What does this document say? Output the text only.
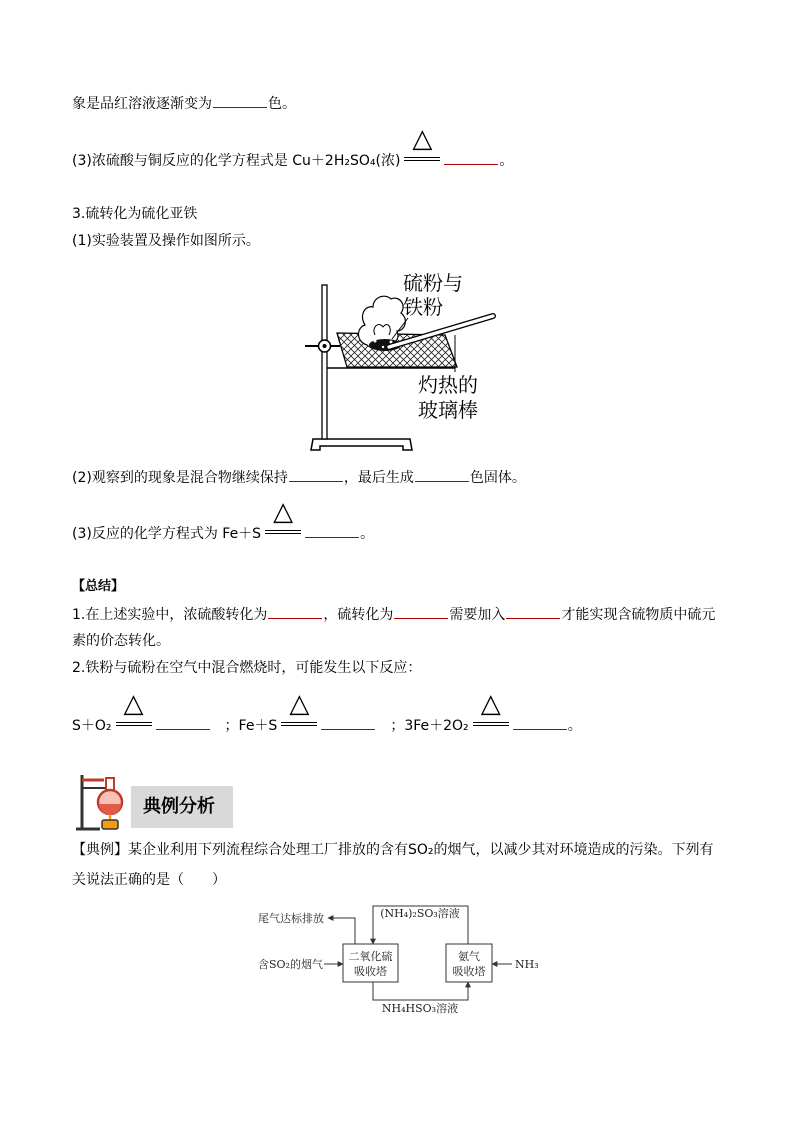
象是品红溶液逐渐变为	色。
(3)浓硫酸与铜反应的化学方程式是 Cu＋2H₂SO₄(浓)
△
。
3.硫转化为硫化亚铁
(1)实验装置及操作如图所示。
硫粉与
铁粉
灼热的
玻璃棒
(2)观察到的现象是混合物继续保持	，最后生成	色固体。
(3)反应的化学方程式为 Fe＋S
△
。
【总结】
1.在上述实验中，浓硫酸转化为	，硫转化为	需要加入	才能实现含硫物质中硫元
素的价态转化。
2.铁粉与硫粉在空气中混合燃烧时，可能发生以下反应：
S＋O₂
△
；Fe＋S
△
；3Fe＋2O₂
△
。
典例分析
【典例】某企业利用下列流程综合处理工厂排放的含有SO₂的烟气，以减少其对环境造成的污染。下列有
关说法正确的是（　　）
尾气达标排放	(NH₄)₂SO₃溶液
含SO₂的烟气
二氧化硫
吸收塔
氨气
吸收塔
NH₃
NH₄HSO₃溶液
